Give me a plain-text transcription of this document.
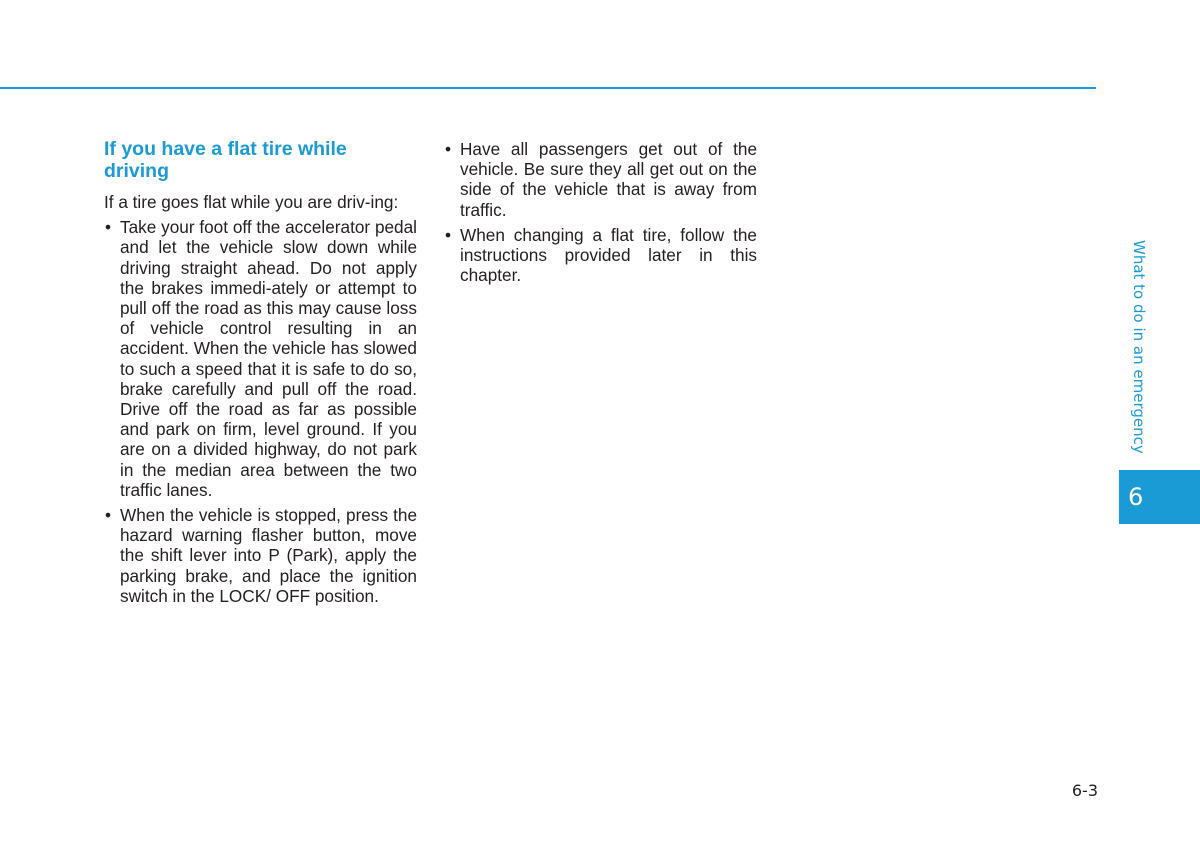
If you have a flat tire while driving

If a tire goes flat while you are driv-ing:

• Take your foot off the accelerator pedal and let the vehicle slow down while driving straight ahead. Do not apply the brakes immedi-ately or attempt to pull off the road as this may cause loss of vehicle control resulting in an accident. When the vehicle has slowed to such a speed that it is safe to do so, brake carefully and pull off the road. Drive off the road as far as possible and park on firm, level ground. If you are on a divided highway, do not park in the median area between the two traffic lanes.
• When the vehicle is stopped, press the hazard warning flasher button, move the shift lever into P (Park), apply the parking brake, and place the ignition switch in the LOCK/ OFF position.
• Have all passengers get out of the vehicle. Be sure they all get out on the side of the vehicle that is away from traffic.
• When changing a flat tire, follow the instructions provided later in this chapter.	What to do in an emergency
6
6-3
